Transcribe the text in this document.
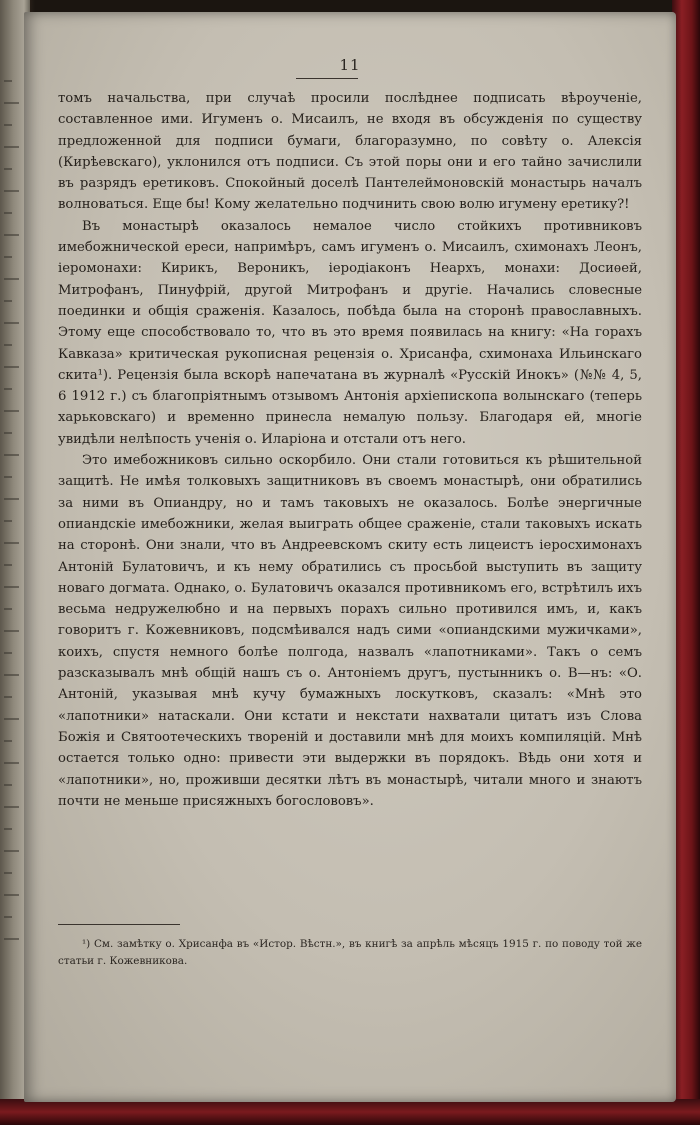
11

томъ начальства, при случаѣ просили послѣднее подписать вѣроученіе, составленное ими. Игуменъ о. Мисаилъ, не входя въ обсужденія по существу предложенной для подписи бумаги, благоразумно, по совѣту о. Алексія (Кирѣевскаго), уклонился отъ подписи. Съ этой поры они и его тайно зачислили въ разрядъ еретиковъ. Спокойный доселѣ Пантелеймоновскій монастырь началъ волноваться. Еще бы! Кому желательно подчинить свою волю игумену еретику?!

Въ монастырѣ оказалось немалое число стойкихъ противниковъ имебожнической ереси, напримѣръ, самъ игуменъ о. Мисаилъ, схимонахъ Леонъ, іеромонахи: Кирикъ, Вероникъ, іеродіаконъ Неархъ, монахи: Досиѳей, Митрофанъ, Пинуфрій, другой Митрофанъ и другіе. Начались словесные поединки и общія сраженія. Казалось, побѣда была на сторонѣ православныхъ. Этому еще способствовало то, что въ это время появилась на книгу: «На горахъ Кавказа» критическая рукописная рецензія о. Хрисанфа, схимонаха Ильинскаго скита¹). Рецензія была вскорѣ напечатана въ журналѣ «Русскій Инокъ» (№№ 4, 5, 6 1912 г.) съ благопріятнымъ отзывомъ Антонія архіепископа волынскаго (теперь харьковскаго) и временно принесла немалую пользу. Благодаря ей, многіе увидѣли нелѣпость ученія о. Иларіона и отстали отъ него.

Это имебожниковъ сильно оскорбило. Они стали готовиться къ рѣшительной защитѣ. Не имѣя толковыхъ защитниковъ въ своемъ монастырѣ, они обратились за ними въ Опиандру, но и тамъ таковыхъ не оказалось. Болѣе энергичные опиандскіе имебожники, желая выиграть общее сраженіе, стали таковыхъ искать на сторонѣ. Они знали, что въ Андреевскомъ скиту есть лицеистъ іеросхимонахъ Антоній Булатовичъ, и къ нему обратились съ просьбой выступить въ защиту новаго догмата. Однако, о. Булатовичъ оказался противникомъ его, встрѣтилъ ихъ весьма недружелюбно и на первыхъ порахъ сильно противился имъ, и, какъ говоритъ г. Кожевниковъ, подсмѣивался надъ сими «опиандскими мужичками», коихъ, спустя немного болѣе полгода, назвалъ «лапотниками». Такъ о семъ разсказывалъ мнѣ общій нашъ съ о. Антоніемъ другъ, пустынникъ о. В—нъ: «О. Антоній, указывая мнѣ кучу бумажныхъ лоскутковъ, сказалъ: «Мнѣ это «лапотники» натаскали. Они кстати и некстати нахватали цитатъ изъ Слова Божія и Святоотеческихъ твореній и доставили мнѣ для моихъ компиляцій. Мнѣ остается только одно: привести эти выдержки въ порядокъ. Вѣдь они хотя и «лапотники», но, проживши десятки лѣтъ въ монастырѣ, читали много и знаютъ почти не меньше присяжныхъ богослововъ».

¹) См. замѣтку о. Хрисанфа въ «Истор. Вѣстн.», въ книгѣ за апрѣль мѣсяцъ 1915 г. по поводу той же статьи г. Кожевникова.
